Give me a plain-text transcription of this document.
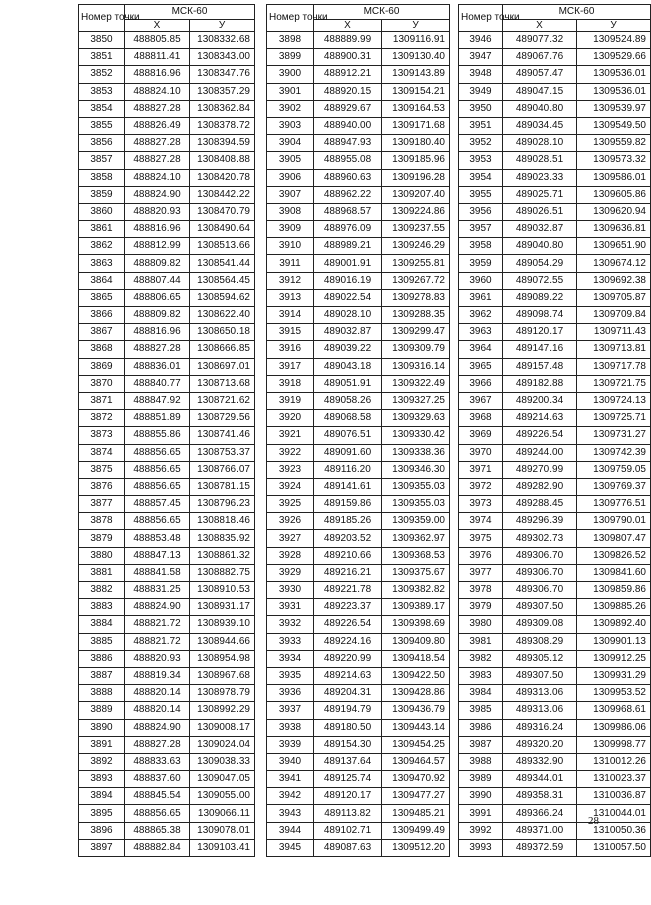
Номер точки	МСК-60	
	X	У
3850	488805.85	1308332.68
3851	488811.41	1308343.00
3852	488816.96	1308347.76
3853	488824.10	1308357.29
3854	488827.28	1308362.84
3855	488826.49	1308378.72
3856	488827.28	1308394.59
3857	488827.28	1308408.88
3858	488824.10	1308420.78
3859	488824.90	1308442.22
3860	488820.93	1308470.79
3861	488816.96	1308490.64
3862	488812.99	1308513.66
3863	488809.82	1308541.44
3864	488807.44	1308564.45
3865	488806.65	1308594.62
3866	488809.82	1308622.40
3867	488816.96	1308650.18
3868	488827.28	1308666.85
3869	488836.01	1308697.01
3870	488840.77	1308713.68
3871	488847.92	1308721.62
3872	488851.89	1308729.56
3873	488855.86	1308741.46
3874	488856.65	1308753.37
3875	488856.65	1308766.07
3876	488856.65	1308781.15
3877	488857.45	1308796.23
3878	488856.65	1308818.46
3879	488853.48	1308835.92
3880	488847.13	1308861.32
3881	488841.58	1308882.75
3882	488831.25	1308910.53
3883	488824.90	1308931.17
3884	488821.72	1308939.10
3885	488821.72	1308944.66
3886	488820.93	1308954.98
3887	488819.34	1308967.68
3888	488820.14	1308978.79
3889	488820.14	1308992.29
3890	488824.90	1309008.17
3891	488827.28	1309024.04
3892	488833.63	1309038.33
3893	488837.60	1309047.05
3894	488845.54	1309055.00
3895	488856.65	1309066.11
3896	488865.38	1309078.01
3897	488882.84	1309103.41
Номер точки	МСК-60	
	X	У
3898	488889.99	1309116.91
3899	488900.31	1309130.40
3900	488912.21	1309143.89
3901	488920.15	1309154.21
3902	488929.67	1309164.53
3903	488940.00	1309171.68
3904	488947.93	1309180.40
3905	488955.08	1309185.96
3906	488960.63	1309196.28
3907	488962.22	1309207.40
3908	488968.57	1309224.86
3909	488976.09	1309237.55
3910	488989.21	1309246.29
3911	489001.91	1309255.81
3912	489016.19	1309267.72
3913	489022.54	1309278.83
3914	489028.10	1309288.35
3915	489032.87	1309299.47
3916	489039.22	1309309.79
3917	489043.18	1309316.14
3918	489051.91	1309322.49
3919	489058.26	1309327.25
3920	489068.58	1309329.63
3921	489076.51	1309330.42
3922	489091.60	1309338.36
3923	489116.20	1309346.30
3924	489141.61	1309355.03
3925	489159.86	1309355.03
3926	489185.26	1309359.00
3927	489203.52	1309362.97
3928	489210.66	1309368.53
3929	489216.21	1309375.67
3930	489221.78	1309382.82
3931	489223.37	1309389.17
3932	489226.54	1309398.69
3933	489224.16	1309409.80
3934	489220.99	1309418.54
3935	489214.63	1309422.50
3936	489204.31	1309428.86
3937	489194.79	1309436.79
3938	489180.50	1309443.14
3939	489154.30	1309454.25
3940	489137.64	1309464.57
3941	489125.74	1309470.92
3942	489120.17	1309477.27
3943	489113.82	1309485.21
3944	489102.71	1309499.49
3945	489087.63	1309512.20
Номер точки	МСК-60	
	X	У
3946	489077.32	1309524.89
3947	489067.76	1309529.66
3948	489057.47	1309536.01
3949	489047.15	1309536.01
3950	489040.80	1309539.97
3951	489034.45	1309549.50
3952	489028.10	1309559.82
3953	489028.51	1309573.32
3954	489023.33	1309586.01
3955	489025.71	1309605.86
3956	489026.51	1309620.94
3957	489032.87	1309636.81
3958	489040.80	1309651.90
3959	489054.29	1309674.12
3960	489072.55	1309692.38
3961	489089.22	1309705.87
3962	489098.74	1309709.84
3963	489120.17	1309711.43
3964	489147.16	1309713.81
3965	489157.48	1309717.78
3966	489182.88	1309721.75
3967	489200.34	1309724.13
3968	489214.63	1309725.71
3969	489226.54	1309731.27
3970	489244.00	1309742.39
3971	489270.99	1309759.05
3972	489282.90	1309769.37
3973	489288.45	1309776.51
3974	489296.39	1309790.01
3975	489302.73	1309807.47
3976	489306.70	1309826.52
3977	489306.70	1309841.60
3978	489306.70	1309859.86
3979	489307.50	1309885.26
3980	489309.08	1309892.40
3981	489308.29	1309901.13
3982	489305.12	1309912.25
3983	489307.50	1309931.29
3984	489313.06	1309953.52
3985	489313.06	1309968.61
3986	489316.24	1309986.06
3987	489320.20	1309998.77
3988	489332.90	1310012.26
3989	489344.01	1310023.37
3990	489358.31	1310036.87
3991	489366.24	1310044.01
3992	489371.00	1310050.36
3993	489372.59	1310057.50
28
